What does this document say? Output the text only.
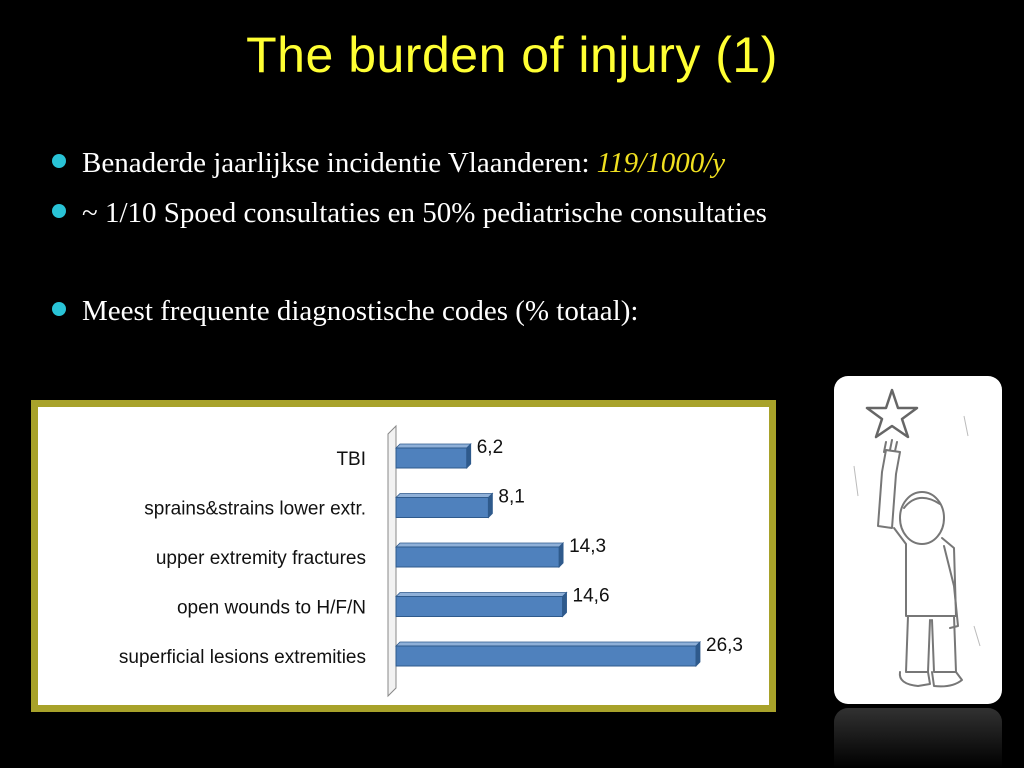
The burden of injury (1)
Benaderde jaarlijkse incidentie Vlaanderen: 119/1000/y
~ 1/10 Spoed consultaties en 50% pediatrische consultaties
Meest frequente diagnostische codes (% totaal):
TBI
6,2
sprains&strains lower extr.
8,1
upper extremity fractures
14,3
open wounds to H/F/N
14,6
superficial lesions extremities
26,3
